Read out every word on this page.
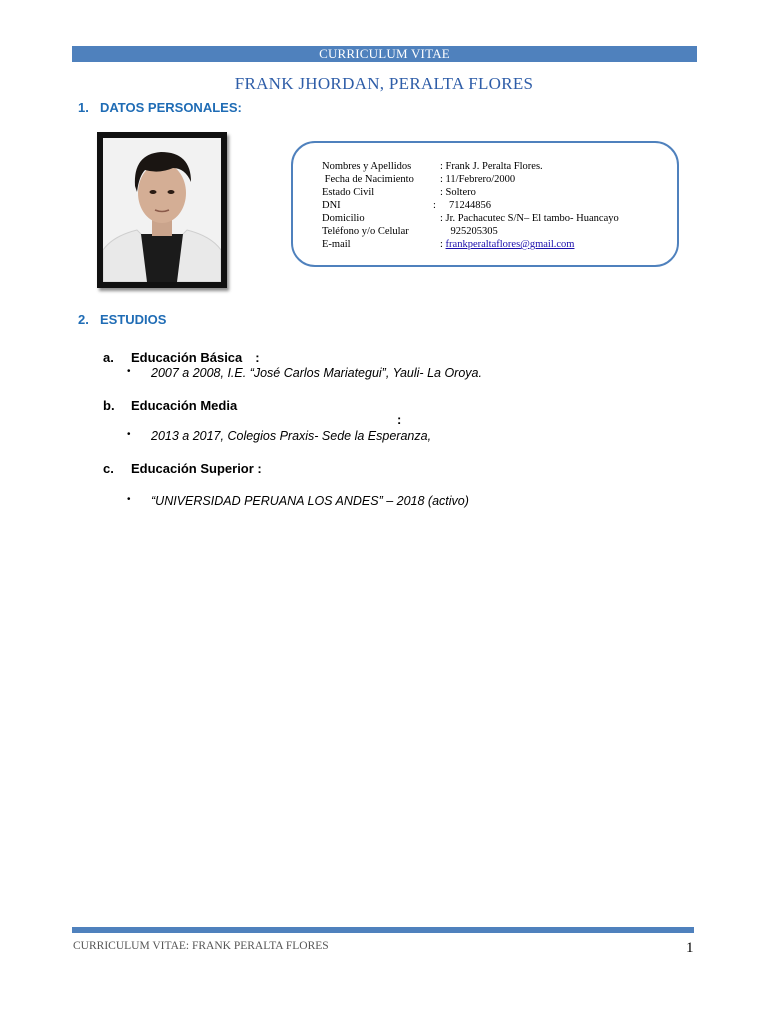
CURRICULUM VITAE
FRANK JHORDAN, PERALTA FLORES
1. DATOS PERSONALES:
Nombres y Apellidos	: Frank J. Peralta Flores.
Fecha de Nacimiento : 11/Febrero/2000
Estado Civil	: Soltero
DNI	:     71244856
Domicilio	: Jr. Pachacutec S/N– El tambo- Huancayo
Teléfono y/o Celular	925205305
E-mail	: frankperaltaflores@gmail.com
2. ESTUDIOS
a. Educación Básica :
• 2007 a 2008, I.E. “José Carlos Mariategui”, Yauli- La Oroya.
b. Educación Media
:
• 2013 a 2017, Colegios Praxis- Sede la Esperanza,
c. Educación Superior :
• “UNIVERSIDAD PERUANA LOS ANDES” – 2018 (activo)
CURRICULUM VITAE: FRANK PERALTA FLORES	1
